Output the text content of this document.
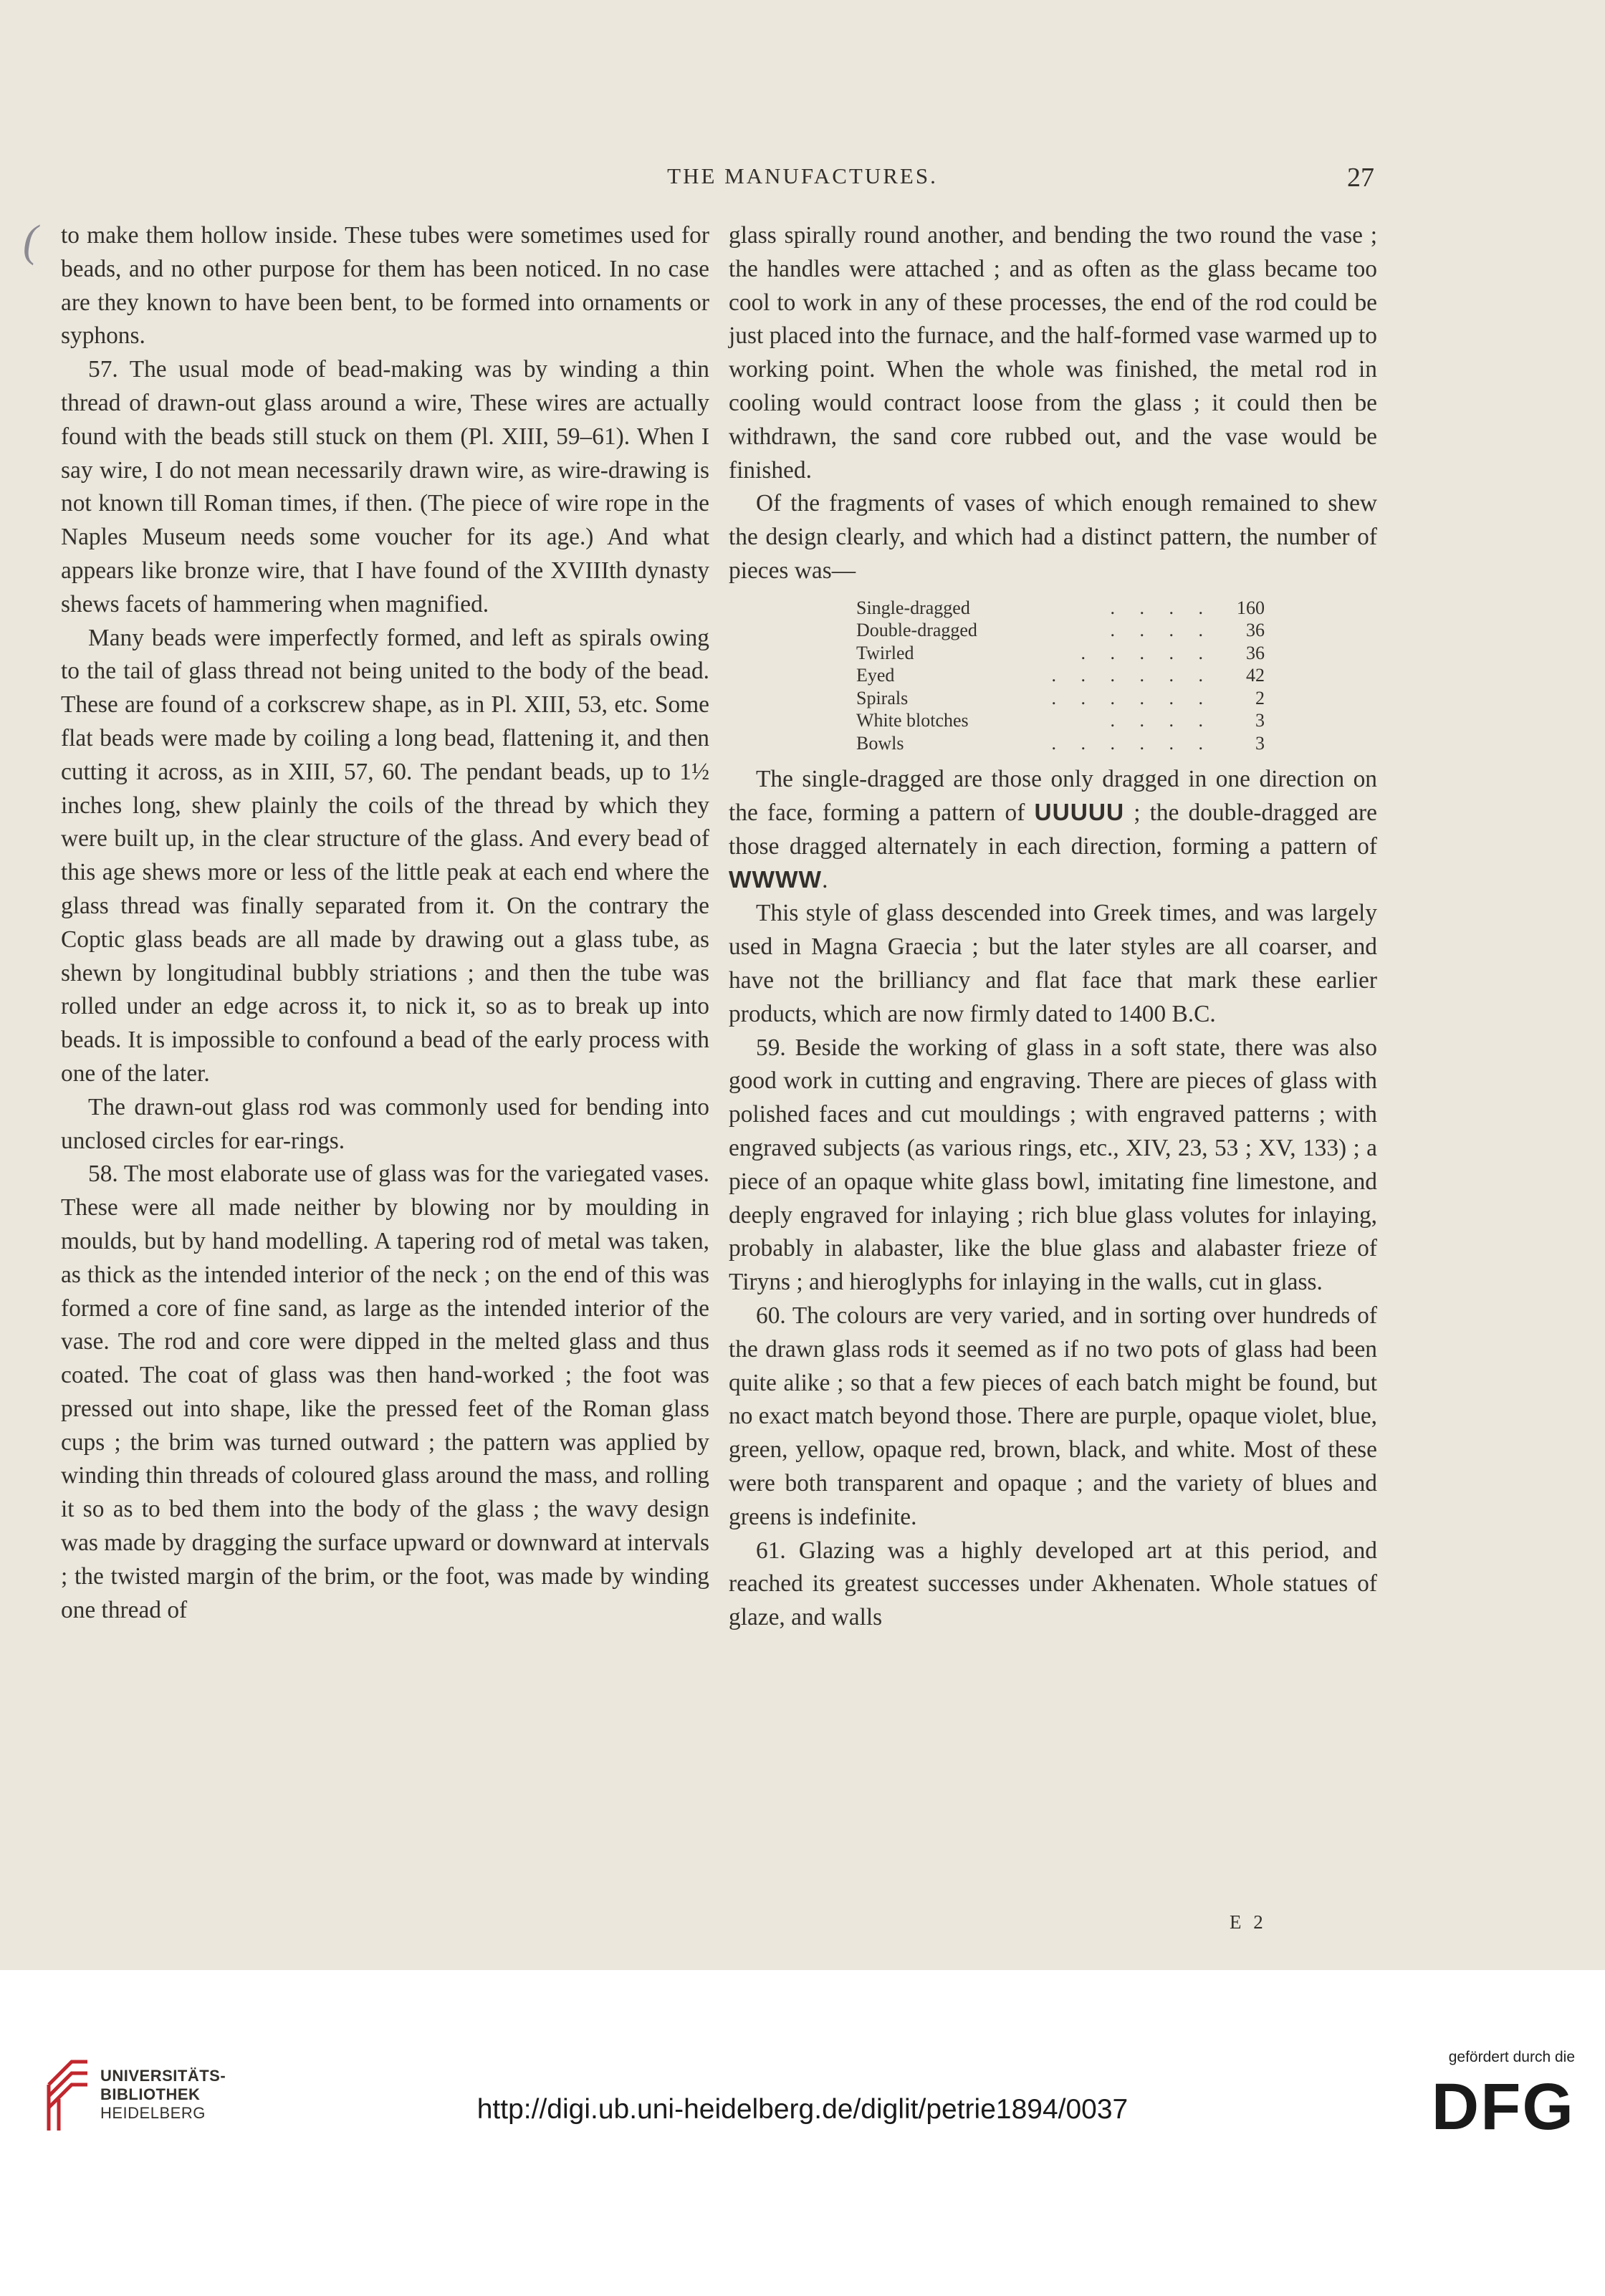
(
THE MANUFACTURES.	27

to make them hollow inside. These tubes were sometimes used for beads, and no other purpose for them has been noticed. In no case are they known to have been bent, to be formed into ornaments or syphons.

57. The usual mode of bead-making was by winding a thin thread of drawn-out glass around a wire, These wires are actually found with the beads still stuck on them (Pl. XIII, 59–61). When I say wire, I do not mean necessarily drawn wire, as wire-drawing is not known till Roman times, if then. (The piece of wire rope in the Naples Museum needs some voucher for its age.) And what appears like bronze wire, that I have found of the XVIIIth dynasty shews facets of hammering when magnified.

Many beads were imperfectly formed, and left as spirals owing to the tail of glass thread not being united to the body of the bead. These are found of a corkscrew shape, as in Pl. XIII, 53, etc. Some flat beads were made by coiling a long bead, flattening it, and then cutting it across, as in XIII, 57, 60. The pendant beads, up to 1½ inches long, shew plainly the coils of the thread by which they were built up, in the clear structure of the glass. And every bead of this age shews more or less of the little peak at each end where the glass thread was finally separated from it. On the contrary the Coptic glass beads are all made by drawing out a glass tube, as shewn by longitudinal bubbly striations ; and then the tube was rolled under an edge across it, to nick it, so as to break up into beads. It is impossible to confound a bead of the early process with one of the later.

The drawn-out glass rod was commonly used for bending into unclosed circles for ear-rings.

58. The most elaborate use of glass was for the variegated vases. These were all made neither by blowing nor by moulding in moulds, but by hand modelling. A tapering rod of metal was taken, as thick as the intended interior of the neck ; on the end of this was formed a core of fine sand, as large as the intended interior of the vase. The rod and core were dipped in the melted glass and thus coated. The coat of glass was then hand-worked ; the foot was pressed out into shape, like the pressed feet of the Roman glass cups ; the brim was turned outward ; the pattern was applied by winding thin threads of coloured glass around the mass, and rolling it so as to bed them into the body of the glass ; the wavy design was made by dragging the surface upward or downward at intervals ; the twisted margin of the brim, or the foot, was made by winding one thread of

glass spirally round another, and bending the two round the vase ; the handles were attached ; and as often as the glass became too cool to work in any of these processes, the end of the rod could be just placed into the furnace, and the half-formed vase warmed up to working point. When the whole was finished, the metal rod in cooling would contract loose from the glass ; it could then be withdrawn, the sand core rubbed out, and the vase would be finished.

Of the fragments of vases of which enough remained to shew the design clearly, and which had a distinct pattern, the number of pieces was—

Single-dragged	. . . .	160
Double-dragged	. . . .	36
Twirled	. . . . .	36
Eyed	. . . . . .	42
Spirals	. . . . . .	2
White blotches	. . . .	3
Bowls	. . . . . .	3

The single-dragged are those only dragged in one direction on the face, forming a pattern of UUUUU ; the double-dragged are those dragged alternately in each direction, forming a pattern of WWWW.

This style of glass descended into Greek times, and was largely used in Magna Graecia ; but the later styles are all coarser, and have not the brilliancy and flat face that mark these earlier products, which are now firmly dated to 1400 B.C.

59. Beside the working of glass in a soft state, there was also good work in cutting and engraving. There are pieces of glass with polished faces and cut mouldings ; with engraved patterns ; with engraved subjects (as various rings, etc., XIV, 23, 53 ; XV, 133) ; a piece of an opaque white glass bowl, imitating fine limestone, and deeply engraved for inlaying ; rich blue glass volutes for inlaying, probably in alabaster, like the blue glass and alabaster frieze of Tiryns ; and hieroglyphs for inlaying in the walls, cut in glass.

60. The colours are very varied, and in sorting over hundreds of the drawn glass rods it seemed as if no two pots of glass had been quite alike ; so that a few pieces of each batch might be found, but no exact match beyond those. There are purple, opaque violet, blue, green, yellow, opaque red, brown, black, and white. Most of these were both transparent and opaque ; and the variety of blues and greens is indefinite.

61. Glazing was a highly developed art at this period, and reached its greatest successes under Akhenaten. Whole statues of glaze, and walls

E 2
UNIVERSITÄTS-
BIBLIOTHEK
HEIDELBERG	http://digi.ub.uni-heidelberg.de/diglit/petrie1894/0037
gefördert durch die
DFG
